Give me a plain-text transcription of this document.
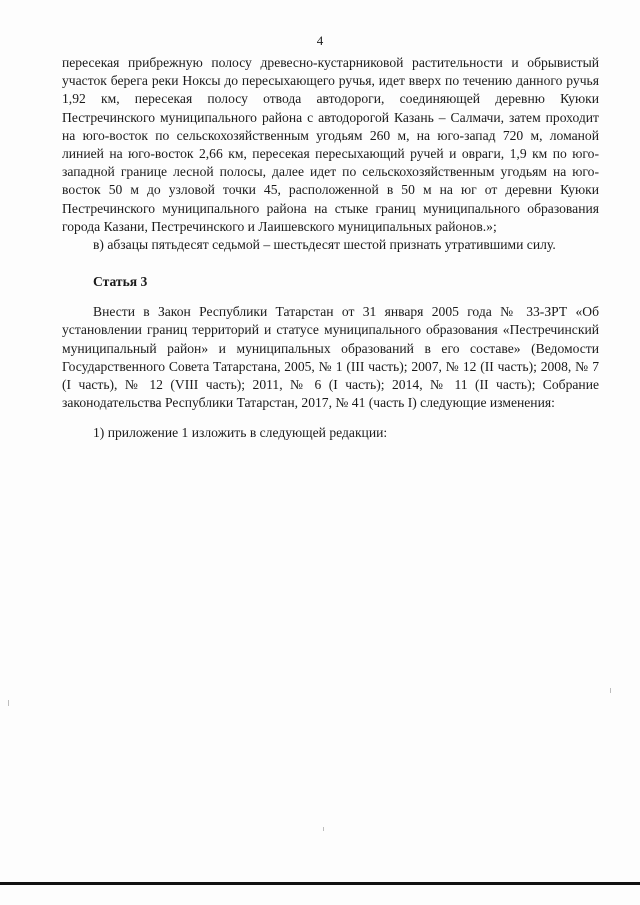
4

пересекая прибрежную полосу древесно-кустарниковой растительности и обрывистый участок берега реки Ноксы до пересыхающего ручья, идет вверх по течению данного ручья 1,92 км, пересекая полосу отвода автодороги, соединяющей деревню Куюки Пестречинского муниципального района с автодорогой Казань – Салмачи, затем проходит на юго-восток по сельскохозяйственным угодьям 260 м, на юго-запад 720 м, ломаной линией на юго-восток 2,66 км, пересекая пересыхающий ручей и овраги, 1,9 км по юго-западной границе лесной полосы, далее идет по сельскохозяйственным угодьям на юго-восток 50 м до узловой точки 45, расположенной в 50 м на юг от деревни Куюки Пестречинского муниципального района на стыке границ муниципального образования города Казани, Пестречинского и Лаишевского муниципальных районов.»;

в) абзацы пятьдесят седьмой – шестьдесят шестой признать утратившими силу.

Статья 3

Внести в Закон Республики Татарстан от 31 января 2005 года № 33-ЗРТ «Об установлении границ территорий и статусе муниципального образования «Пестречинский муниципальный район» и муниципальных образований в его составе» (Ведомости Государственного Совета Татарстана, 2005, № 1 (III часть); 2007, № 12 (II часть); 2008, № 7 (I часть), № 12 (VIII часть); 2011, № 6 (I часть); 2014, № 11 (II часть); Собрание законодательства Республики Татарстан, 2017, № 41 (часть I) следующие изменения:

1) приложение 1 изложить в следующей редакции:
